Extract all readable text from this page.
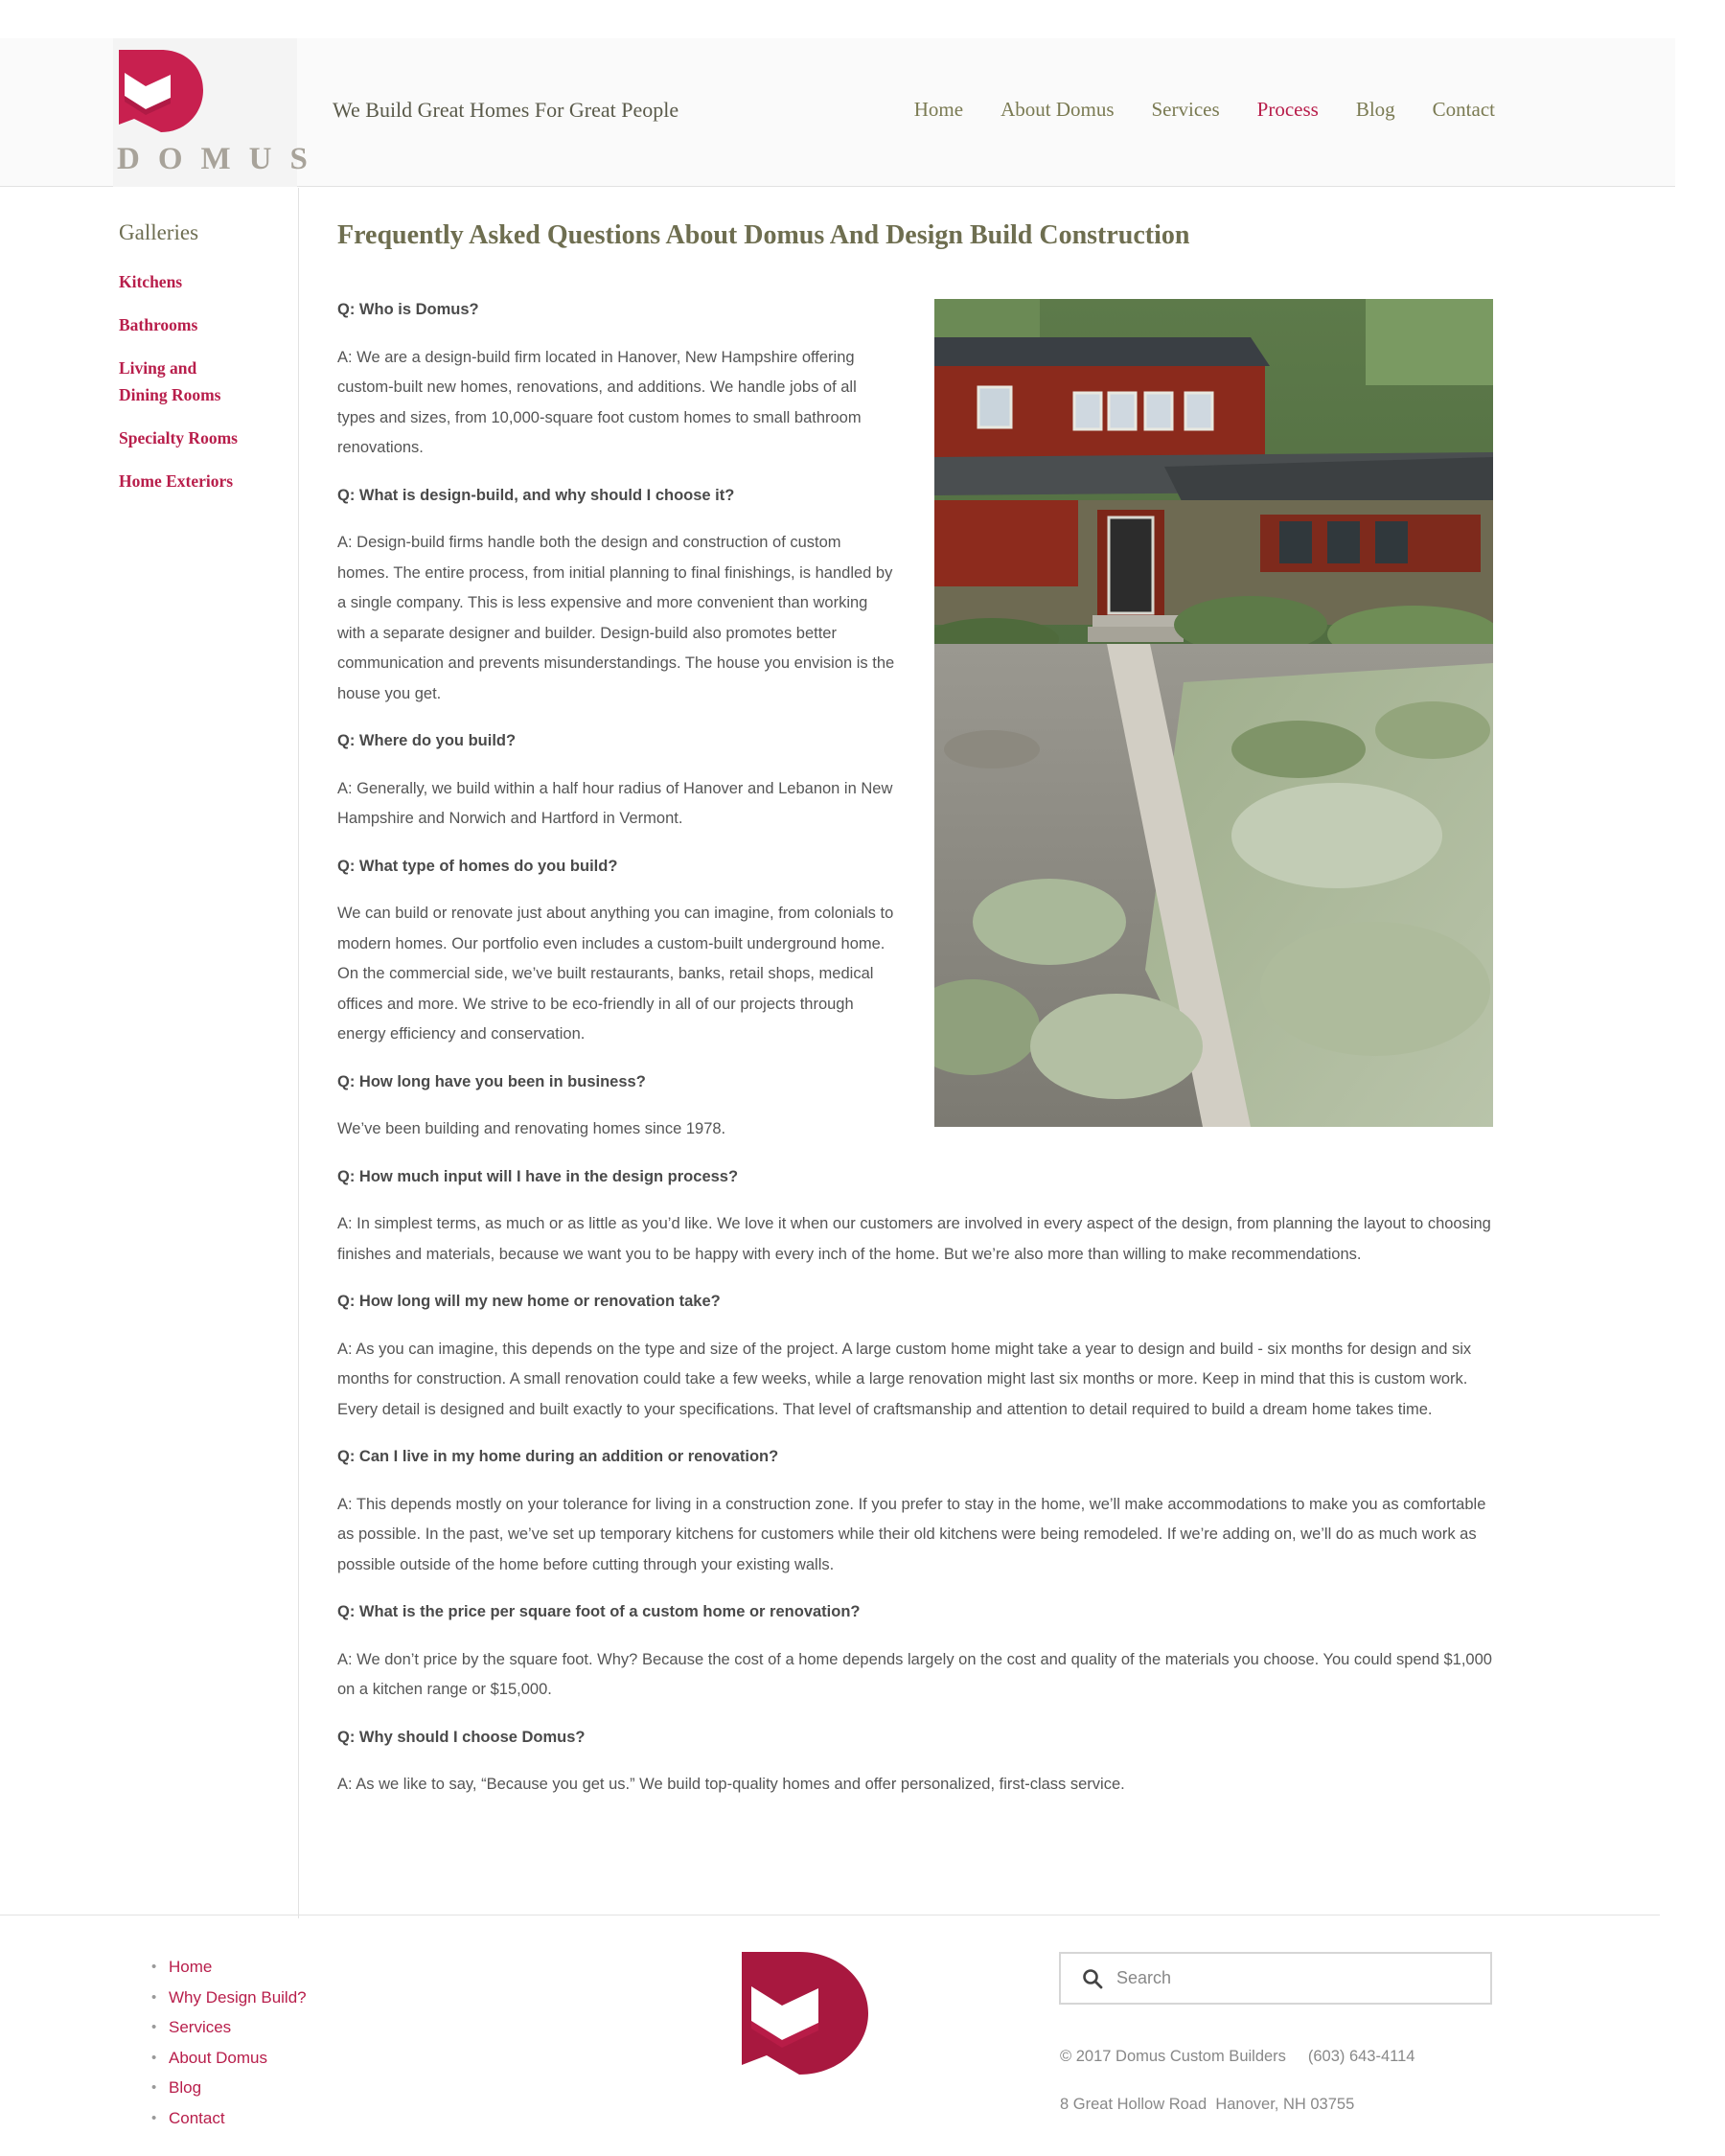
DOMUS
We Build Great Homes For Great People	Home About Domus Services Process Blog Contact
Galleries
Kitchens
Bathrooms
Living and Dining Rooms
Specialty Rooms
Home Exteriors
Frequently Asked Questions About Domus And Design Build Construction

Q: Who is Domus?

A: We are a design-build firm located in Hanover, New Hampshire offering custom-built new homes, renovations, and additions. We handle jobs of all types and sizes, from 10,000-square foot custom homes to small bathroom renovations.

Q: What is design-build, and why should I choose it?

A: Design-build firms handle both the design and construction of custom homes. The entire process, from initial planning to final finishings, is handled by a single company. This is less expensive and more convenient than working with a separate designer and builder. Design-build also promotes better communication and prevents misunderstandings. The house you envision is the house you get.

Q: Where do you build?

A: Generally, we build within a half hour radius of Hanover and Lebanon in New Hampshire and Norwich and Hartford in Vermont.

Q: What type of homes do you build?

We can build or renovate just about anything you can imagine, from colonials to modern homes. Our portfolio even includes a custom-built underground home. On the commercial side, we’ve built restaurants, banks, retail shops, medical offices and more. We strive to be eco-friendly in all of our projects through energy efficiency and conservation.

Q: How long have you been in business?

We’ve been building and renovating homes since 1978.

Q: How much input will I have in the design process?

A: In simplest terms, as much or as little as you’d like. We love it when our customers are involved in every aspect of the design, from planning the layout to choosing finishes and materials, because we want you to be happy with every inch of the home. But we’re also more than willing to make recommendations.

Q: How long will my new home or renovation take?

A: As you can imagine, this depends on the type and size of the project. A large custom home might take a year to design and build - six months for design and six months for construction. A small renovation could take a few weeks, while a large renovation might last six months or more. Keep in mind that this is custom work. Every detail is designed and built exactly to your specifications. That level of craftsmanship and attention to detail required to build a dream home takes time.

Q: Can I live in my home during an addition or renovation?

A: This depends mostly on your tolerance for living in a construction zone. If you prefer to stay in the home, we’ll make accommodations to make you as comfortable as possible. In the past, we’ve set up temporary kitchens for customers while their old kitchens were being remodeled. If we’re adding on, we’ll do as much work as possible outside of the home before cutting through your existing walls.

Q: What is the price per square foot of a custom home or renovation?

A: We don’t price by the square foot. Why? Because the cost of a home depends largely on the cost and quality of the materials you choose. You could spend $1,000 on a kitchen range or $15,000.

Q: Why should I choose Domus?

A: As we like to say, “Because you get us.” We build top-quality homes and offer personalized, first-class service.

• Home
• Why Design Build?
• Services
• About Domus
• Blog
• Contact
Search
© 2017 Domus Custom Builders     (603) 643-4114
8 Great Hollow Road  Hanover, NH 03755
